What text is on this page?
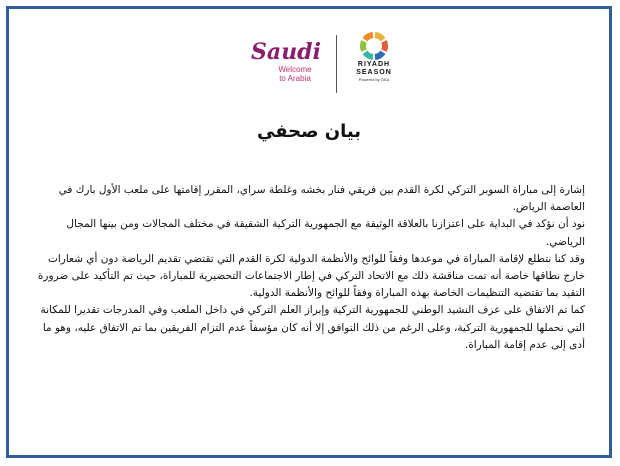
Saudi
Welcome
to Arabia
RIYADH
SEASON
Powered by GEA
بيان صحفي

إشارة إلى مباراة السوبر التركي لكرة القدم بين فريقي فنار بخشه وغلطة سراي، المقرر إقامتها على ملعب الأول بارك في العاصمة الرياض.

نود أن نؤكد في البداية على اعتزازنا بالعلاقة الوثيقة مع الجمهورية التركية الشقيقة في مختلف المجالات ومن بينها المجال الرياضي.

وقد كنا نتطلع لإقامة المباراة في موعدها وفقاً للوائح والأنظمة الدولية لكرة القدم التي تقتضي تقديم الرياضة دون أي شعارات خارج نطاقها خاصة أنه تمت مناقشة ذلك مع الاتحاد التركي في إطار الاجتماعات التحضيرية للمباراة، حيث تم التأكيد على ضرورة التقيد بما تقتضيه التنظيمات الخاصة بهذه المباراة وفقاً للوائح والأنظمة الدولية.

كما تم الاتفاق على عزف النشيد الوطني للجمهورية التركية وإبراز العلم التركي في داخل الملعب وفي المدرجات تقديرا للمكانة التي نحملها للجمهورية التركية، وعلى الرغم من ذلك التوافق إلا أنه كان مؤسفاً عدم التزام الفريقين بما تم الاتفاق عليه، وهو ما أدى إلى عدم إقامة المباراة.
